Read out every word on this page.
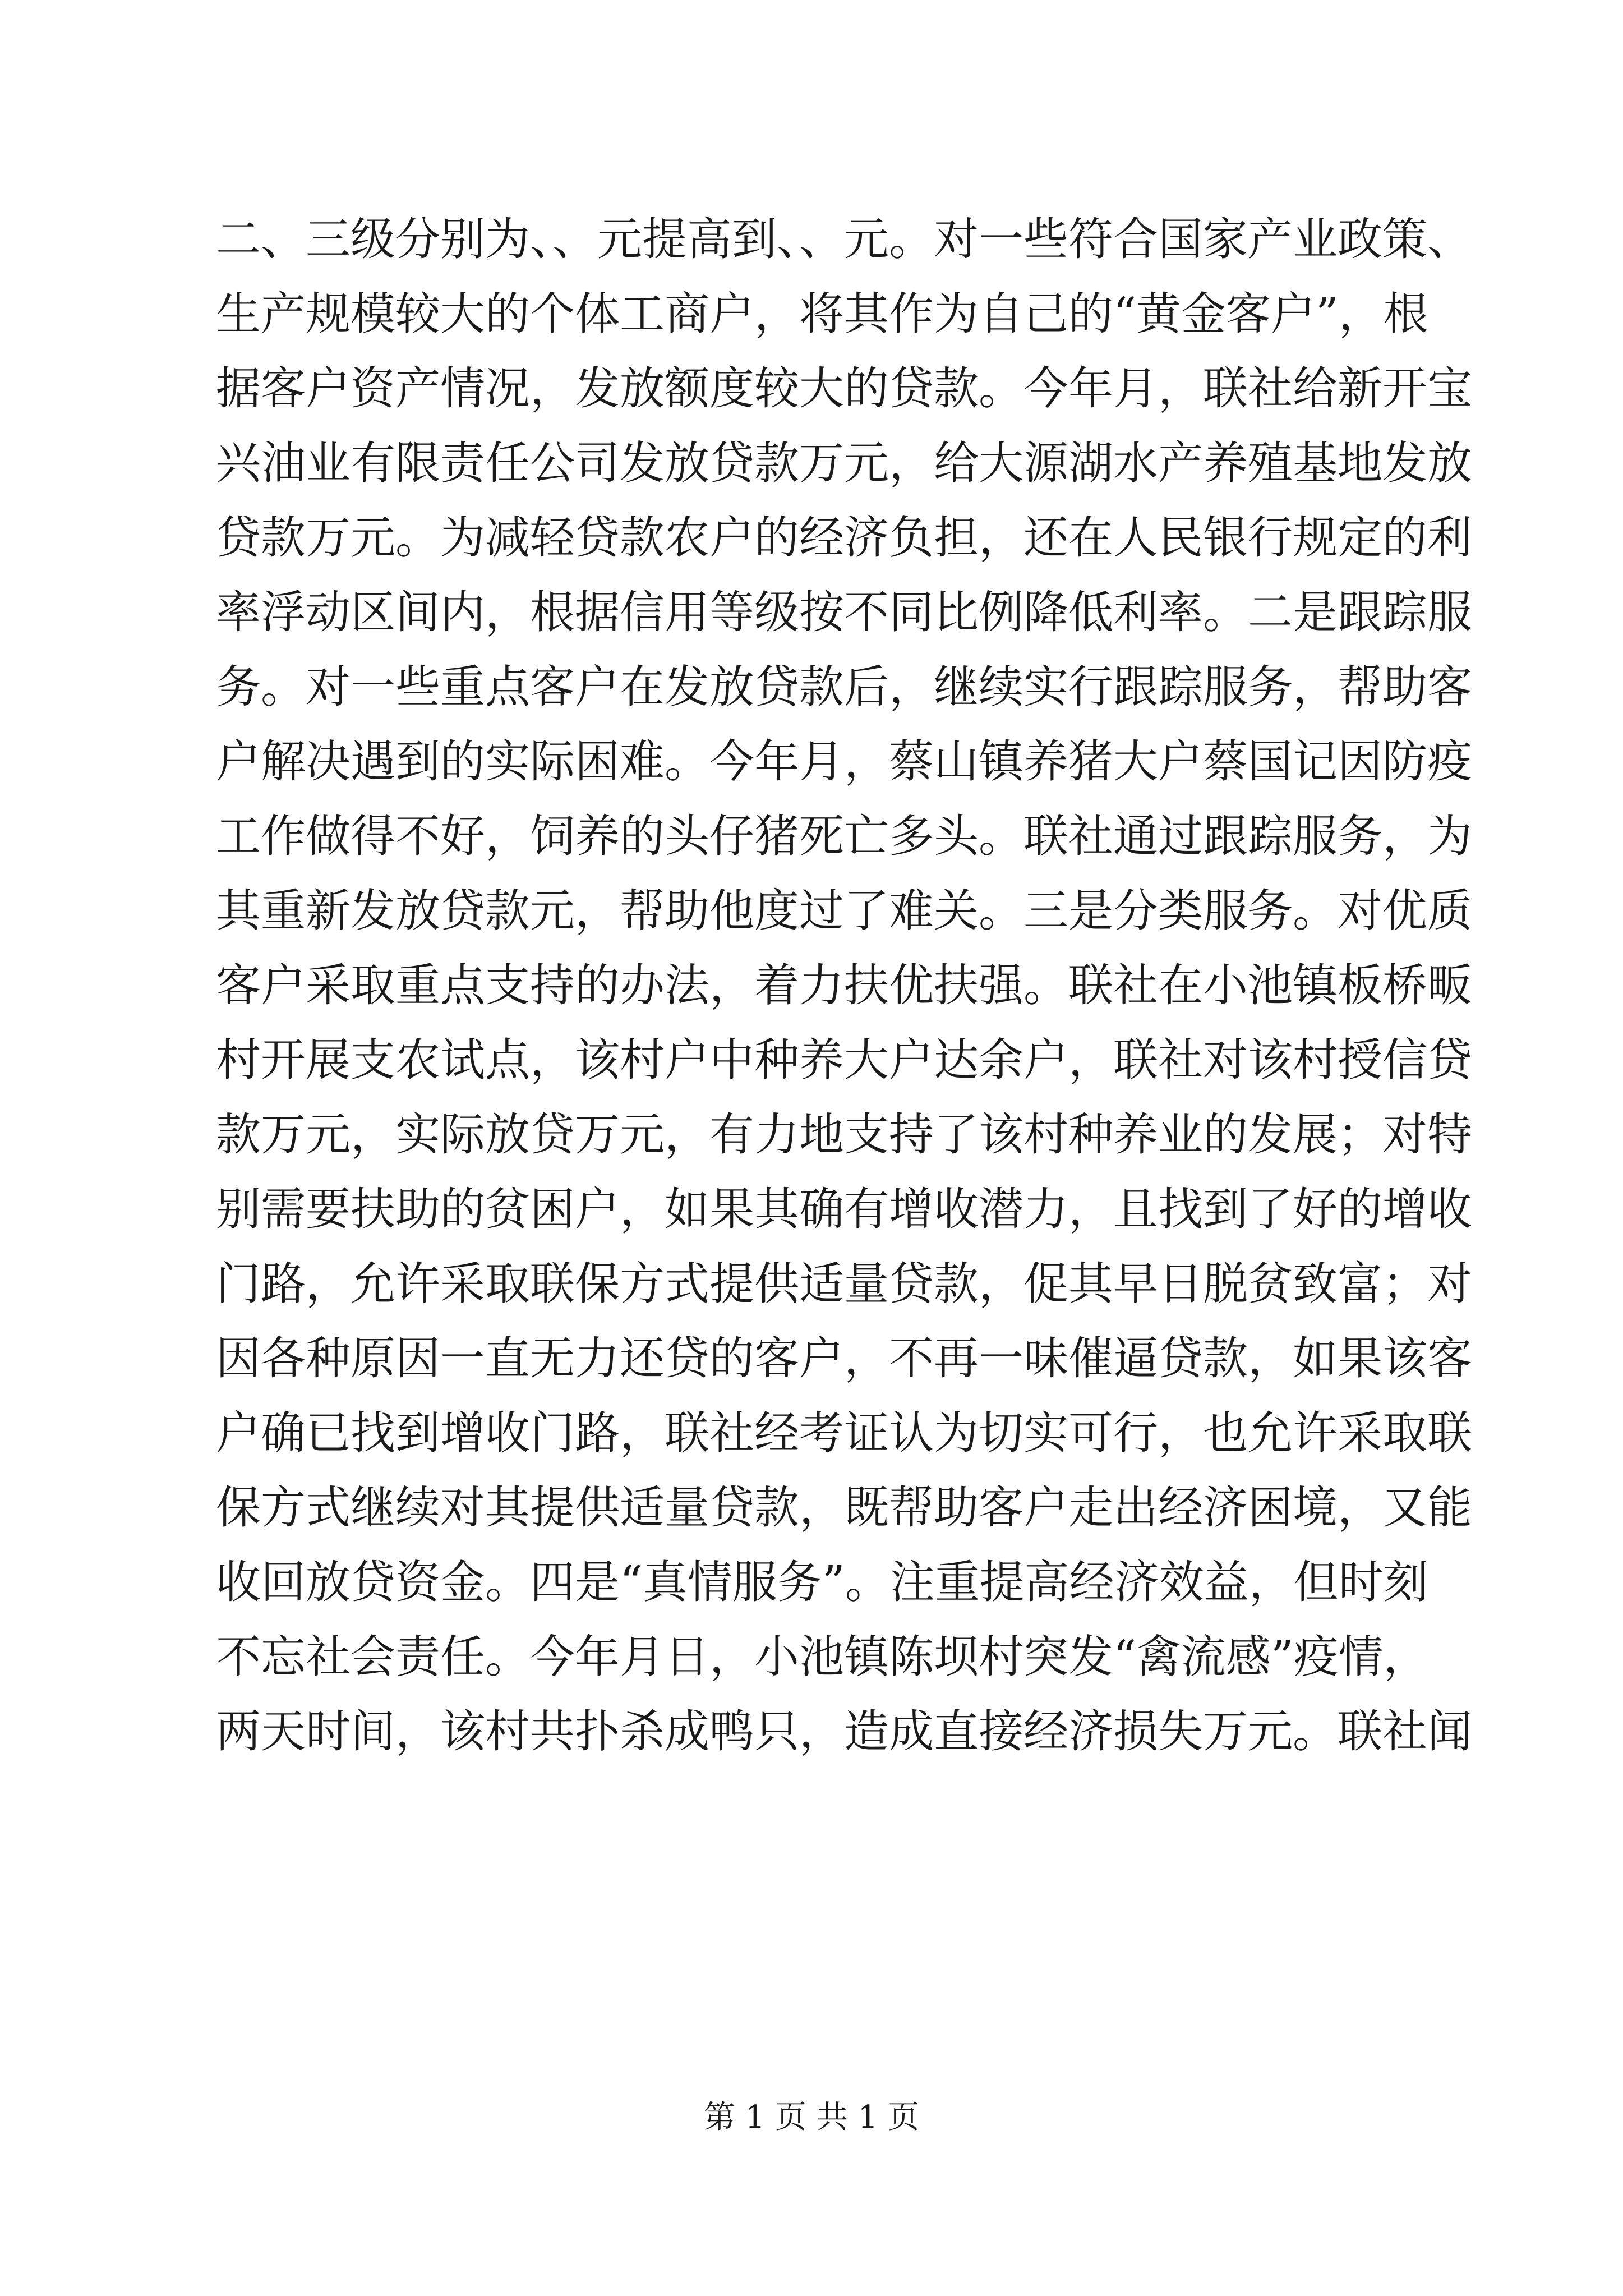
二、三级分别为、、元提高到、、元。对一些符合国家产业政策、
生产规模较大的个体工商户，将其作为自己的“黄金客户”，根
据客户资产情况，发放额度较大的贷款。今年月，联社给新开宝
兴油业有限责任公司发放贷款万元，给大源湖水产养殖基地发放
贷款万元。为减轻贷款农户的经济负担，还在人民银行规定的利
率浮动区间内，根据信用等级按不同比例降低利率。二是跟踪服
务。对一些重点客户在发放贷款后，继续实行跟踪服务，帮助客
户解决遇到的实际困难。今年月，蔡山镇养猪大户蔡国记因防疫
工作做得不好，饲养的头仔猪死亡多头。联社通过跟踪服务，为
其重新发放贷款元，帮助他度过了难关。三是分类服务。对优质
客户采取重点支持的办法，着力扶优扶强。联社在小池镇板桥畈
村开展支农试点，该村户中种养大户达余户，联社对该村授信贷
款万元，实际放贷万元，有力地支持了该村种养业的发展；对特
别需要扶助的贫困户，如果其确有增收潜力，且找到了好的增收
门路，允许采取联保方式提供适量贷款，促其早日脱贫致富；对
因各种原因一直无力还贷的客户，不再一味催逼贷款，如果该客
户确已找到增收门路，联社经考证认为切实可行，也允许采取联
保方式继续对其提供适量贷款，既帮助客户走出经济困境，又能
收回放贷资金。四是“真情服务”。注重提高经济效益，但时刻
不忘社会责任。今年月日，小池镇陈坝村突发“禽流感”疫情，
两天时间，该村共扑杀成鸭只，造成直接经济损失万元。联社闻
第 1 页 共 1 页
